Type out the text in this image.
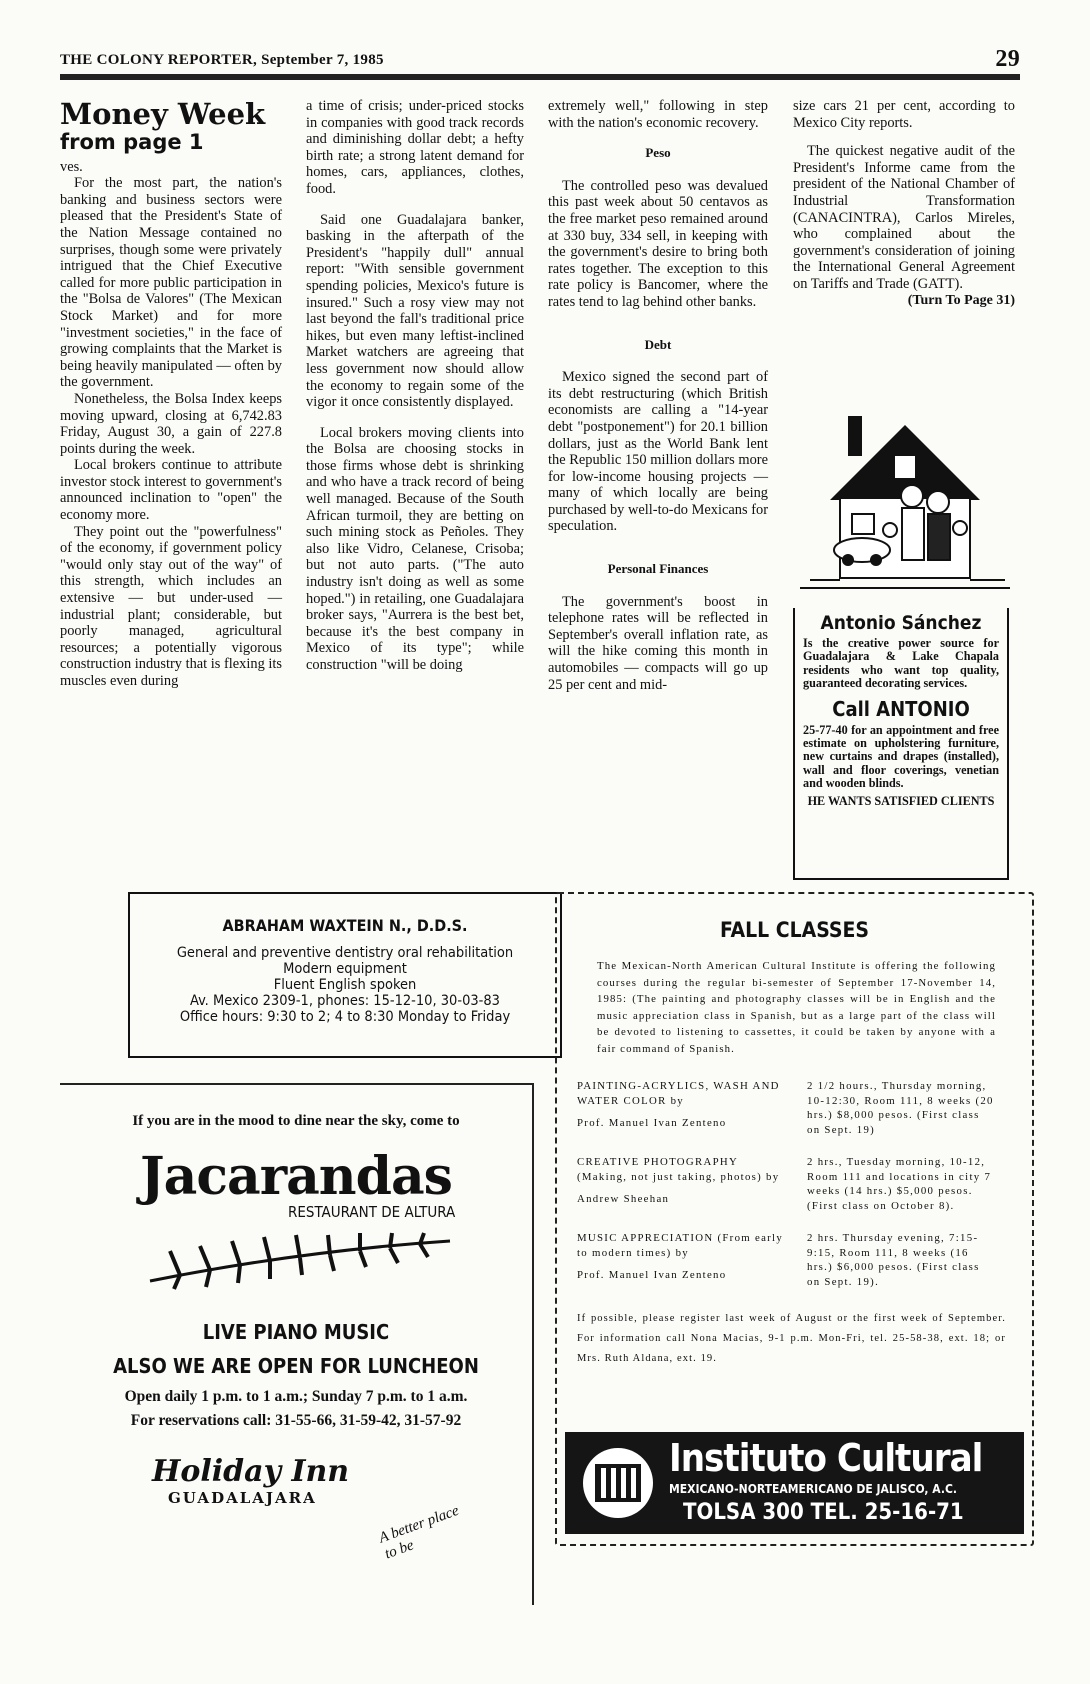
THE COLONY REPORTER, September 7, 1985	29
Money Week
from page 1

ves.

For the most part, the nation's banking and business sectors were pleased that the President's State of the Nation Message contained no surprises, though some were privately intrigued that the Chief Executive called for more public participation in the "Bolsa de Valores" (The Mexican Stock Market) and for more "investment societies," in the face of growing complaints that the Market is being heavily manipulated — often by the government.

Nonetheless, the Bolsa Index keeps moving upward, closing at 6,742.83 Friday, August 30, a gain of 227.8 points during the week.

Local brokers continue to attribute investor stock interest to government's announced inclination to "open" the economy more.

They point out the "powerfulness" of the economy, if government policy "would only stay out of the way" of this strength, which includes an extensive — but under-used — industrial plant; considerable, but poorly managed, agricultural resources; a potentially vigorous construction industry that is flexing its muscles even during

a time of crisis; under-priced stocks in companies with good track records and diminishing dollar debt; a hefty birth rate; a strong latent demand for homes, cars, appliances, clothes, food.

Said one Guadalajara banker, basking in the afterpath of the President's "happily dull" annual report: "With sensible government spending policies, Mexico's future is insured." Such a rosy view may not last beyond the fall's traditional price hikes, but even many leftist-inclined Market watchers are agreeing that less government now should allow the economy to regain some of the vigor it once consistently displayed.

Local brokers moving clients into the Bolsa are choosing stocks in those firms whose debt is shrinking and who have a track record of being well managed. Because of the South African turmoil, they are betting on such mining stock as Peñoles. They also like Vidro, Celanese, Crisoba; but not auto parts. ("The auto industry isn't doing as well as some hoped.") in retailing, one Guadalajara broker says, "Aurrera is the best bet, because it's the best company in Mexico of its type"; while construction "will be doing

extremely well," following in step with the nation's economic recovery.

Peso

The controlled peso was devalued this past week about 50 centavos as the free market peso remained around at 330 buy, 334 sell, in keeping with the government's desire to bring both rates together. The exception to this rate policy is Bancomer, where the rates tend to lag behind other banks.

Debt

Mexico signed the second part of its debt restructuring (which British economists are calling a "14-year debt "postponement") for 20.1 billion dollars, just as the World Bank lent the Republic 150 million dollars more for low-income housing projects — many of which locally are being purchased by well-to-do Mexicans for speculation.

Personal Finances

The government's boost in telephone rates will be reflected in September's overall inflation rate, as will the hike coming this month in automobiles — compacts will go up 25 per cent and mid-

size cars 21 per cent, according to Mexico City reports.

The quickest negative audit of the President's Informe came from the president of the National Chamber of Industrial Transformation (CANACINTRA), Carlos Mireles, who complained about the government's consideration of joining the International General Agreement on Tariffs and Trade (GATT).

(Turn To Page 31)
Antonio Sánchez
Is the creative power source for Guadalajara & Lake Chapala residents who want top quality, guaranteed decorating services.
Call ANTONIO
25-77-40 for an appointment and free estimate on upholstering furniture, new curtains and drapes (installed), wall and floor coverings, venetian and wooden blinds.
HE WANTS SATISFIED CLIENTS
ABRAHAM WAXTEIN N., D.D.S.
General and preventive dentistry oral rehabilitation
Modern equipment
Fluent English spoken
Av. Mexico 2309-1, phones: 15-12-10, 30-03-83
Office hours: 9:30 to 2; 4 to 8:30 Monday to Friday
If you are in the mood to dine near the sky, come to
Jacarandas
RESTAURANT DE ALTURA
LIVE PIANO MUSIC
ALSO WE ARE OPEN FOR LUNCHEON
Open daily 1 p.m. to 1 a.m.; Sunday 7 p.m. to 1 a.m.
For reservations call: 31-55-66, 31-59-42, 31-57-92
Holiday Inn
GUADALAJARA
A better place to be
FALL CLASSES
The Mexican-North American Cultural Institute is offering the following courses during the regular bi-semester of September 17-November 14, 1985: (The painting and photography classes will be in English and the music appreciation class in Spanish, but as a large part of the class will be devoted to listening to cassettes, it could be taken by anyone with a fair command of Spanish.
PAINTING-ACRYLICS, WASH AND WATER COLOR by
Prof. Manuel Ivan Zenteno
2 1/2 hours., Thursday morning, 10-12:30, Room 111, 8 weeks (20 hrs.) $8,000 pesos. (First class on Sept. 19)
CREATIVE PHOTOGRAPHY (Making, not just taking, photos) by
Andrew Sheehan
2 hrs., Tuesday morning, 10-12, Room 111 and locations in city 7 weeks (14 hrs.) $5,000 pesos. (First class on October 8).
MUSIC APPRECIATION (From early to modern times) by
Prof. Manuel Ivan Zenteno
2 hrs. Thursday evening, 7:15-9:15, Room 111, 8 weeks (16 hrs.) $6,000 pesos. (First class on Sept. 19).
If possible, please register last week of August or the first week of September. For information call Nona Macias, 9-1 p.m. Mon-Fri, tel. 25-58-38, ext. 18; or Mrs. Ruth Aldana, ext. 19.
Instituto Cultural
MEXICANO-NORTEAMERICANO DE JALISCO, A.C.
TOLSA 300 TEL. 25-16-71
